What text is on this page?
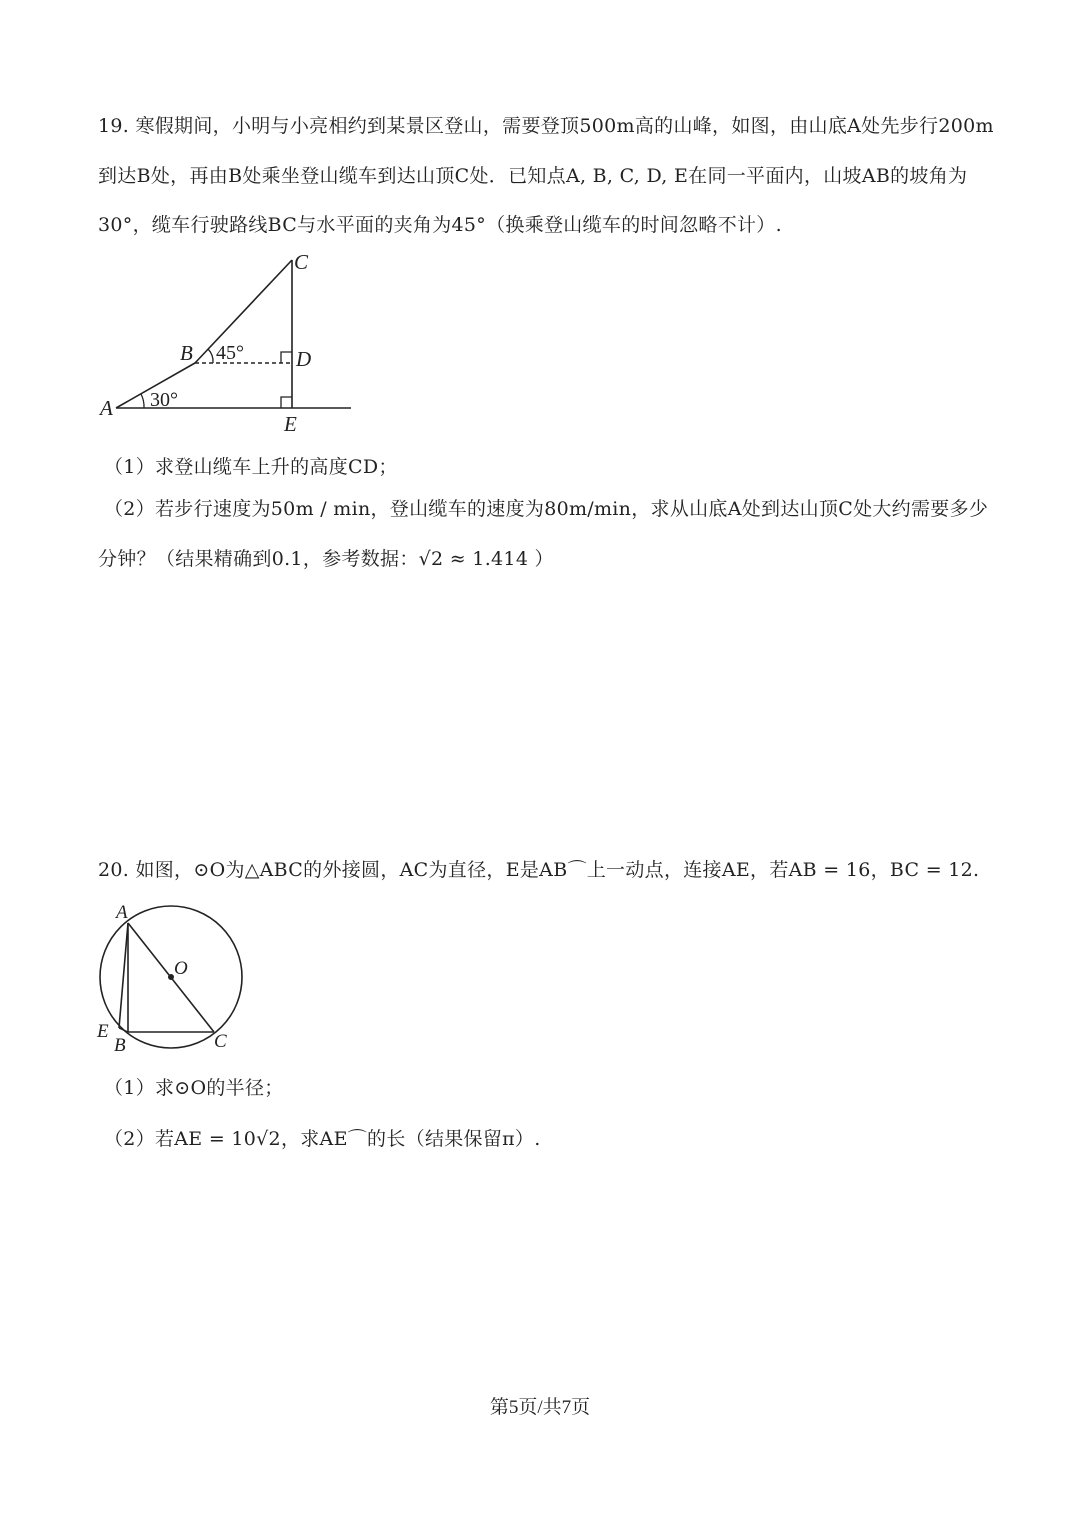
19. 寒假期间，小明与小亮相约到某景区登山，需要登顶500m高的山峰，如图，由山底A处先步行200m
到达B处，再由B处乘坐登山缆车到达山顶C处．已知点A, B, C, D, E在同一平面内，山坡AB的坡角为
30°，缆车行驶路线BC与水平面的夹角为45°（换乘登山缆车的时间忽略不计）.
A
B
C
D
E
30°
45°
（1）求登山缆车上升的高度CD；
（2）若步行速度为50m / min，登山缆车的速度为80m/min，求从山底A处到达山顶C处大约需要多少
分钟？（结果精确到0.1，参考数据：√2 ≈ 1.414 ）
20. 如图，⊙O为△ABC的外接圆，AC为直径，E是AB⌒上一动点，连接AE，若AB = 16，BC = 12.
A
O
E
B	C
（1）求⊙O的半径；
（2）若AE = 10√2，求AE⌒的长（结果保留π）.
第5页/共7页
